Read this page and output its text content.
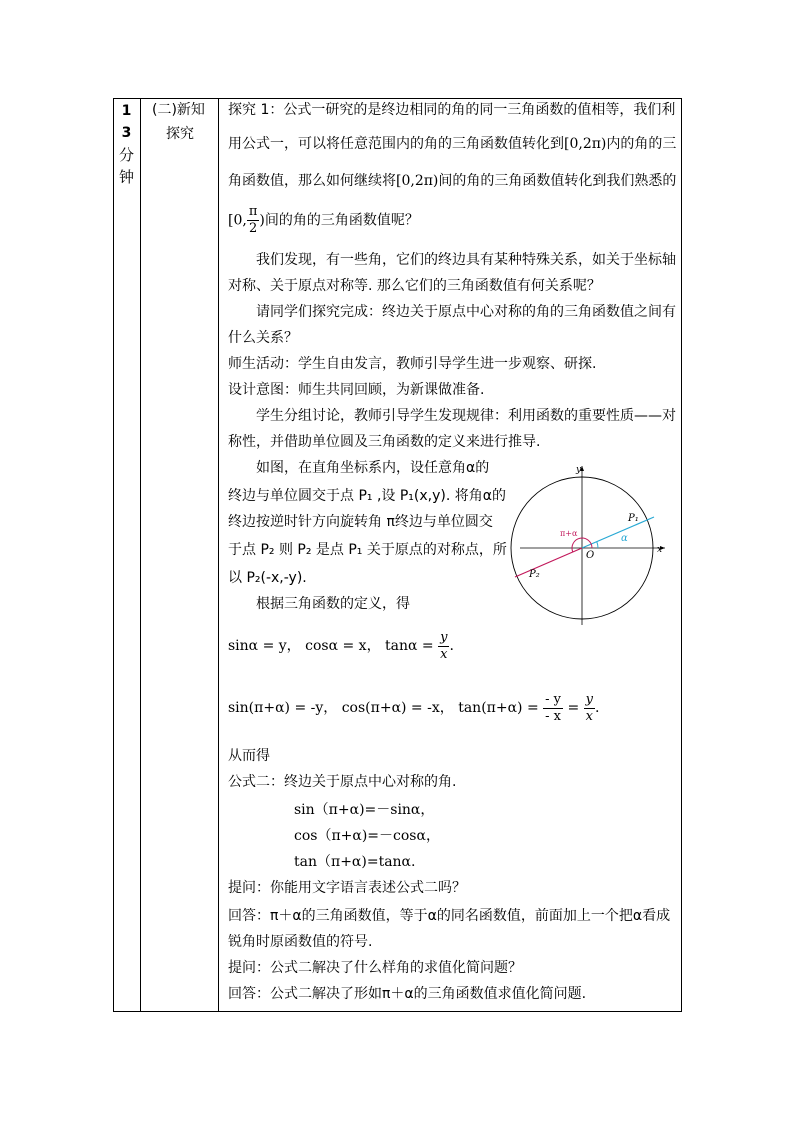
1
3
分
钟
(二)新知
探究
探究 1：公式一研究的是终边相同的角的同一三角函数的值相等，我们利
用公式一，可以将任意范围内的角的三角函数值转化到[0,2π)内的角的三
角函数值，那么如何继续将[0,2π)间的角的三角函数值转化到我们熟悉的
[0, $\frac{\pi}{2}$ )间的角的三角函数值呢？
我们发现，有一些角，它们的终边具有某种特殊关系，如关于坐标轴
对称、关于原点对称等. 那么它们的三角函数值有何关系呢？
请同学们探究完成：终边关于原点中心对称的角的三角函数值之间有
什么关系？
师生活动：学生自由发言，教师引导学生进一步观察、研探.
设计意图：师生共同回顾，为新课做准备.
学生分组讨论，教师引导学生发现规律：利用函数的重要性质——对
称性，并借助单位圆及三角函数的定义来进行推导.
如图，在直角坐标系内，设任意角α的
终边与单位圆交于点 P₁ ,设 P₁(x,y). 将角α的
终边按逆时针方向旋转角 π终边与单位圆交
于点 P₂ 则 P₂ 是点 P₁ 关于原点的对称点，所
以 P₂(-x,-y).
根据三角函数的定义，得
sinα = y， cosα = x， $\tan\alpha = \frac{y}{x}$ .
sin(π+α) = -y， cos(π+α) = -x， $\tan(\pi+\alpha) = \frac{- y}{- x} = \frac{y}{x}$ .
从而得
公式二：终边关于原点中心对称的角.
sin（π+α)=－sinα，
cos（π+α)=－cosα，
tan（π+α)=tanα.
提问：你能用文字语言表述公式二吗？
回答：π＋α的三角函数值，等于α的同名函数值，前面加上一个把α看成
锐角时原函数值的符号.
提问：公式二解决了什么样角的求值化简问题？
回答：公式二解决了形如π＋α的三角函数值求值化简问题.
x
y
O
P₁
P₂
α
π+α
